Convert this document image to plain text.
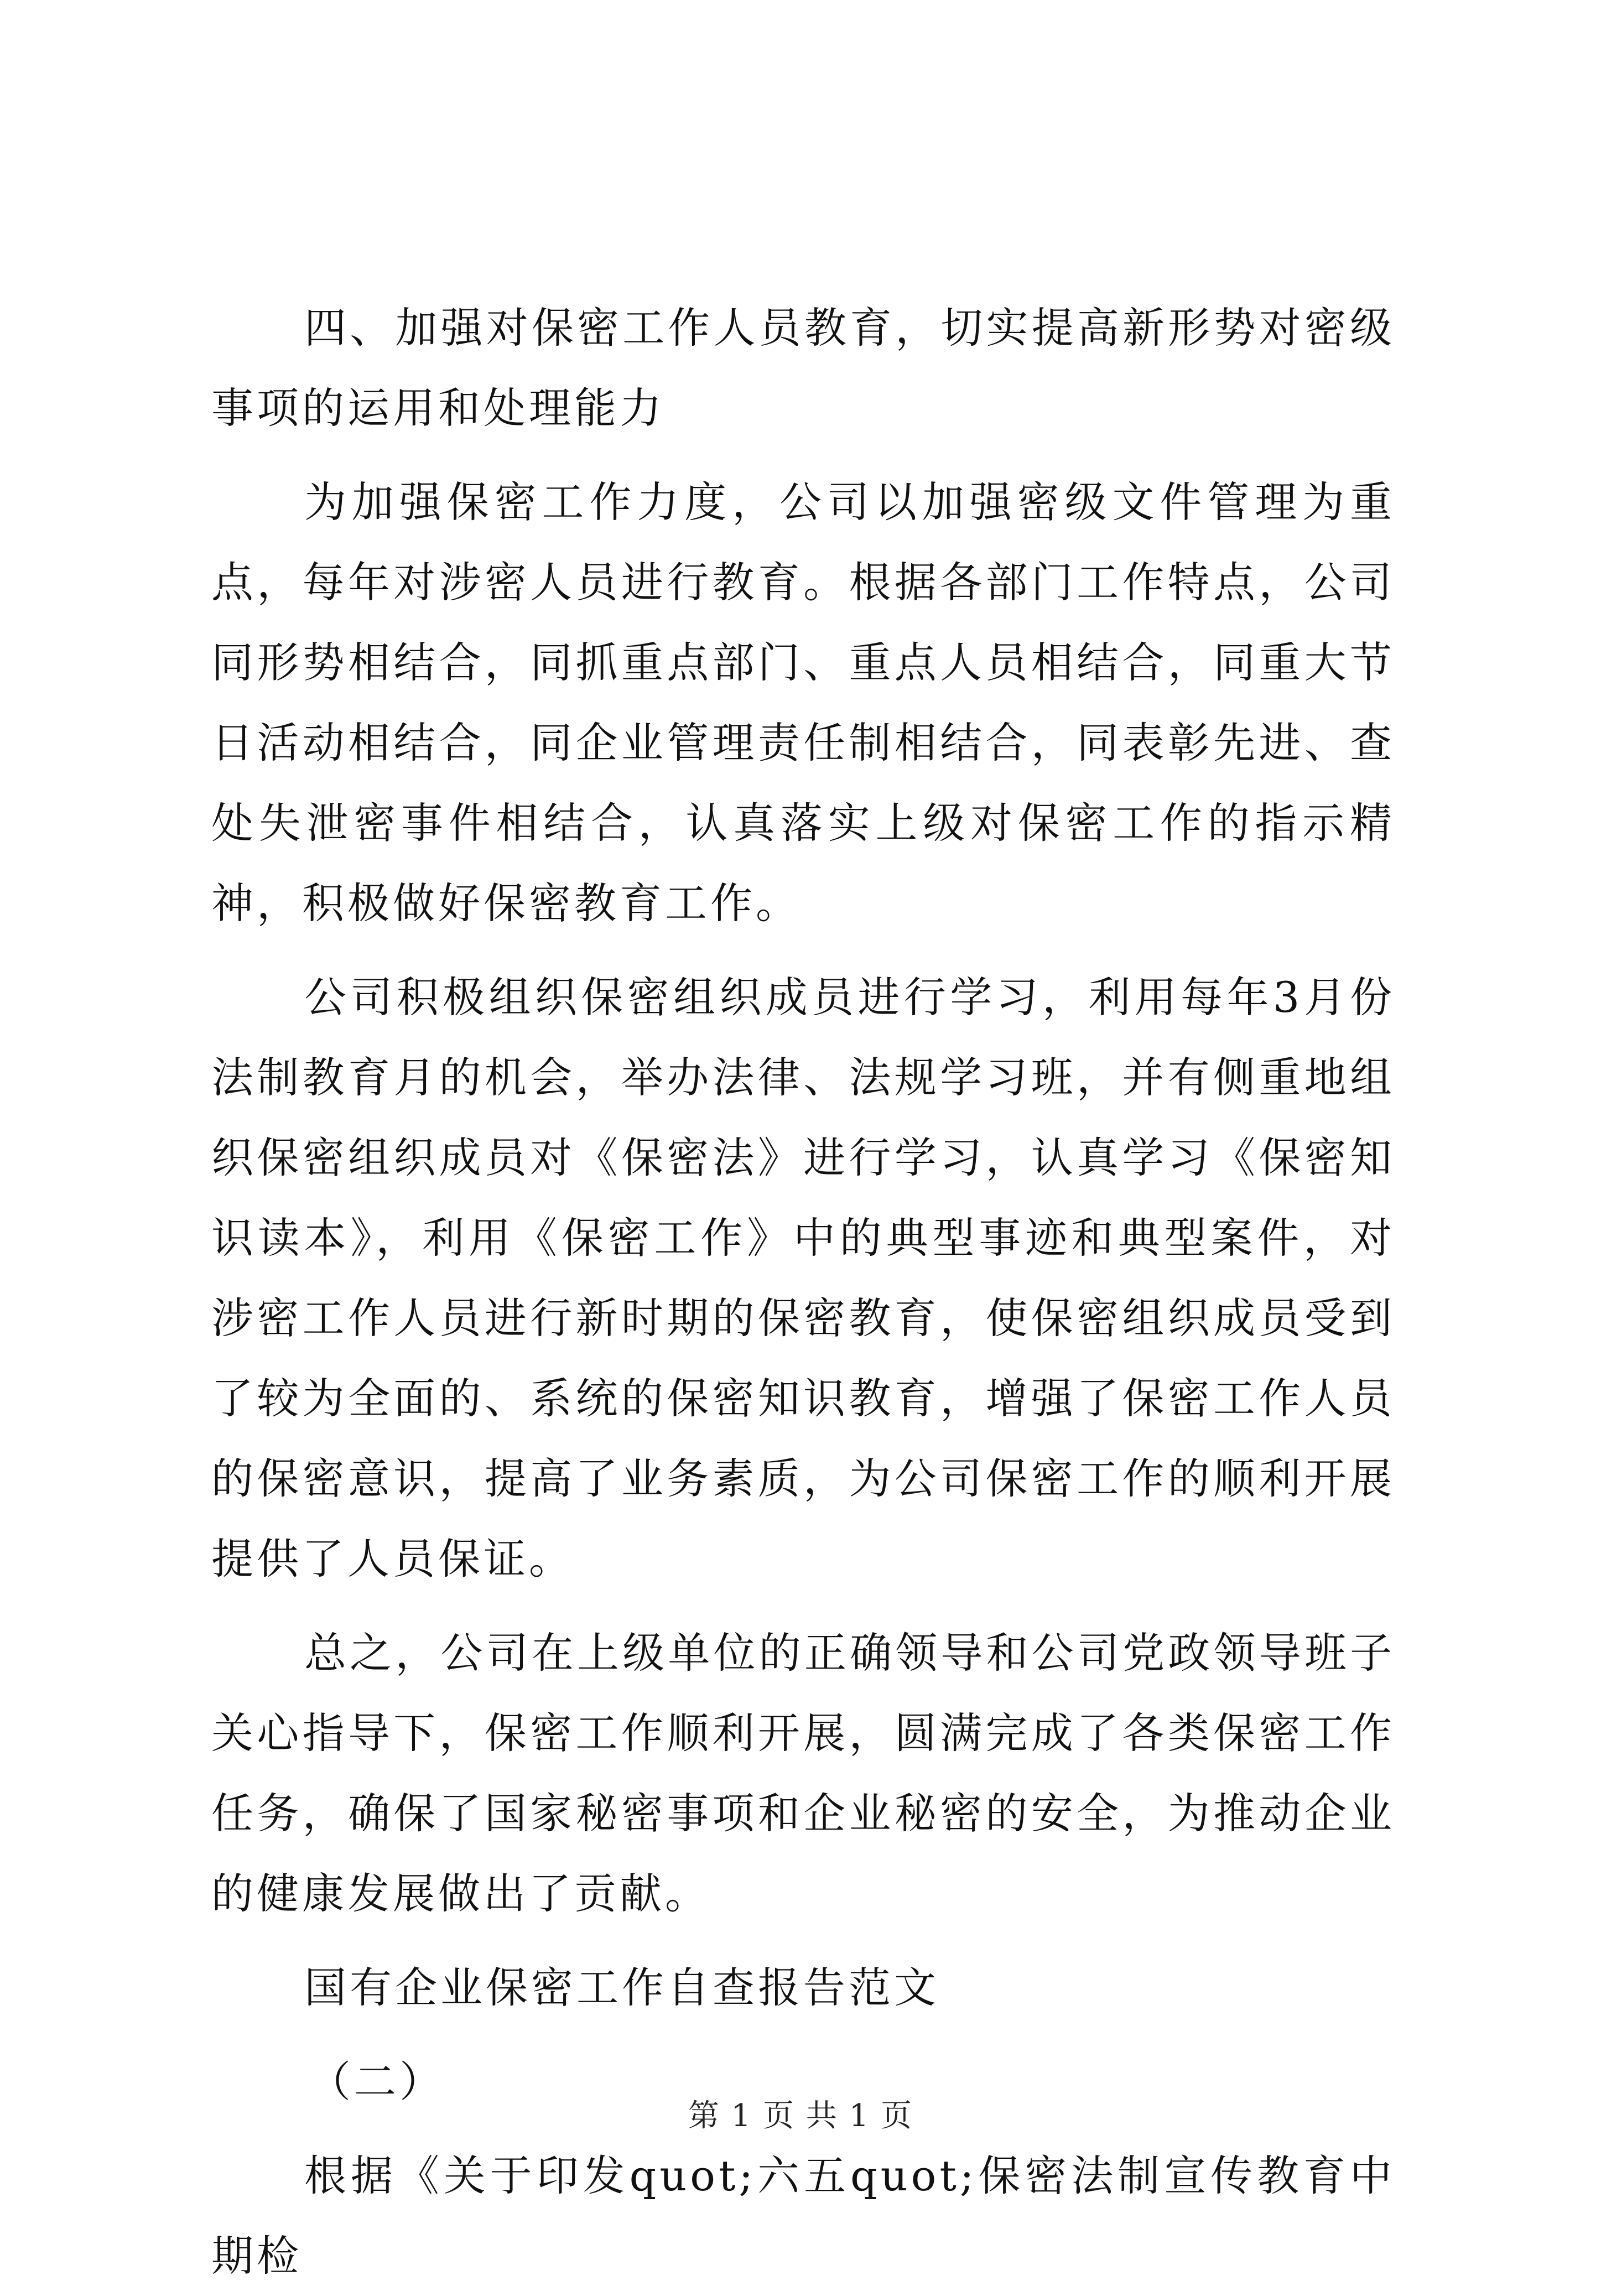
四、加强对保密工作人员教育，切实提高新形势对密级事项的运用和处理能力

为加强保密工作力度，公司以加强密级文件管理为重点，每年对涉密人员进行教育。根据各部门工作特点，公司同形势相结合，同抓重点部门、重点人员相结合，同重大节日活动相结合，同企业管理责任制相结合，同表彰先进、查处失泄密事件相结合，认真落实上级对保密工作的指示精神，积极做好保密教育工作。

公司积极组织保密组织成员进行学习，利用每年3月份法制教育月的机会，举办法律、法规学习班，并有侧重地组织保密组织成员对《保密法》进行学习，认真学习《保密知识读本》，利用《保密工作》中的典型事迹和典型案件，对涉密工作人员进行新时期的保密教育，使保密组织成员受到了较为全面的、系统的保密知识教育，增强了保密工作人员的保密意识，提高了业务素质，为公司保密工作的顺利开展提供了人员保证。

总之，公司在上级单位的正确领导和公司党政领导班子关心指导下，保密工作顺利开展，圆满完成了各类保密工作任务，确保了国家秘密事项和企业秘密的安全，为推动企业的健康发展做出了贡献。

国有企业保密工作自查报告范文

（二）

根据《关于印发quot;六五quot;保密法制宣传教育中期检

第 1 页 共 1 页
